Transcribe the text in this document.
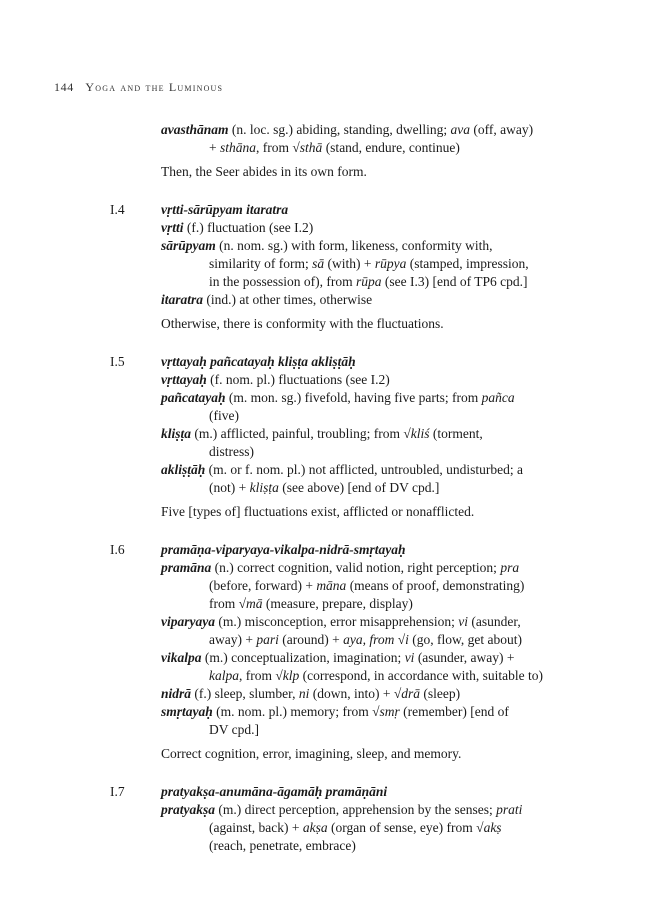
144 Yoga and the Luminous
avasthānam (n. loc. sg.) abiding, standing, dwelling; ava (off, away)
+ sthāna, from √sthā (stand, endure, continue)
Then, the Seer abides in its own form.
I.4	vṛtti-sārūpyam itaratra
vṛtti (f.) fluctuation (see I.2)
sārūpyam (n. nom. sg.) with form, likeness, conformity with,
similarity of form; sā (with) + rūpya (stamped, impression,
in the possession of), from rūpa (see I.3) [end of TP6 cpd.]
itaratra (ind.) at other times, otherwise
Otherwise, there is conformity with the fluctuations.
I.5	vṛttayaḥ pañcatayaḥ kliṣṭa akliṣṭāḥ
vṛttayaḥ (f. nom. pl.) fluctuations (see I.2)
pañcatayaḥ (m. mon. sg.) fivefold, having five parts; from pañca
(five)
kliṣṭa (m.) afflicted, painful, troubling; from √kliś (torment,
distress)
akliṣṭāḥ (m. or f. nom. pl.) not afflicted, untroubled, undisturbed; a
(not) + kliṣṭa (see above) [end of DV cpd.]
Five [types of] fluctuations exist, afflicted or nonafflicted.
I.6	pramāṇa-viparyaya-vikalpa-nidrā-smṛtayaḥ
pramāna (n.) correct cognition, valid notion, right perception; pra
(before, forward) + māna (means of proof, demonstrating)
from √mā (measure, prepare, display)
viparyaya (m.) misconception, error misapprehension; vi (asunder,
away) + pari (around) + aya, from √i (go, flow, get about)
vikalpa (m.) conceptualization, imagination; vi (asunder, away) +
kalpa, from √klp (correspond, in accordance with, suitable to)
nidrā (f.) sleep, slumber, ni (down, into) + √drā (sleep)
smṛtayaḥ (m. nom. pl.) memory; from √smṛ (remember) [end of
DV cpd.]
Correct cognition, error, imagining, sleep, and memory.
I.7	pratyakṣa-anumāna-āgamāḥ pramāṇāni
pratyakṣa (m.) direct perception, apprehension by the senses; prati
(against, back) + akṣa (organ of sense, eye) from √akṣ
(reach, penetrate, embrace)
